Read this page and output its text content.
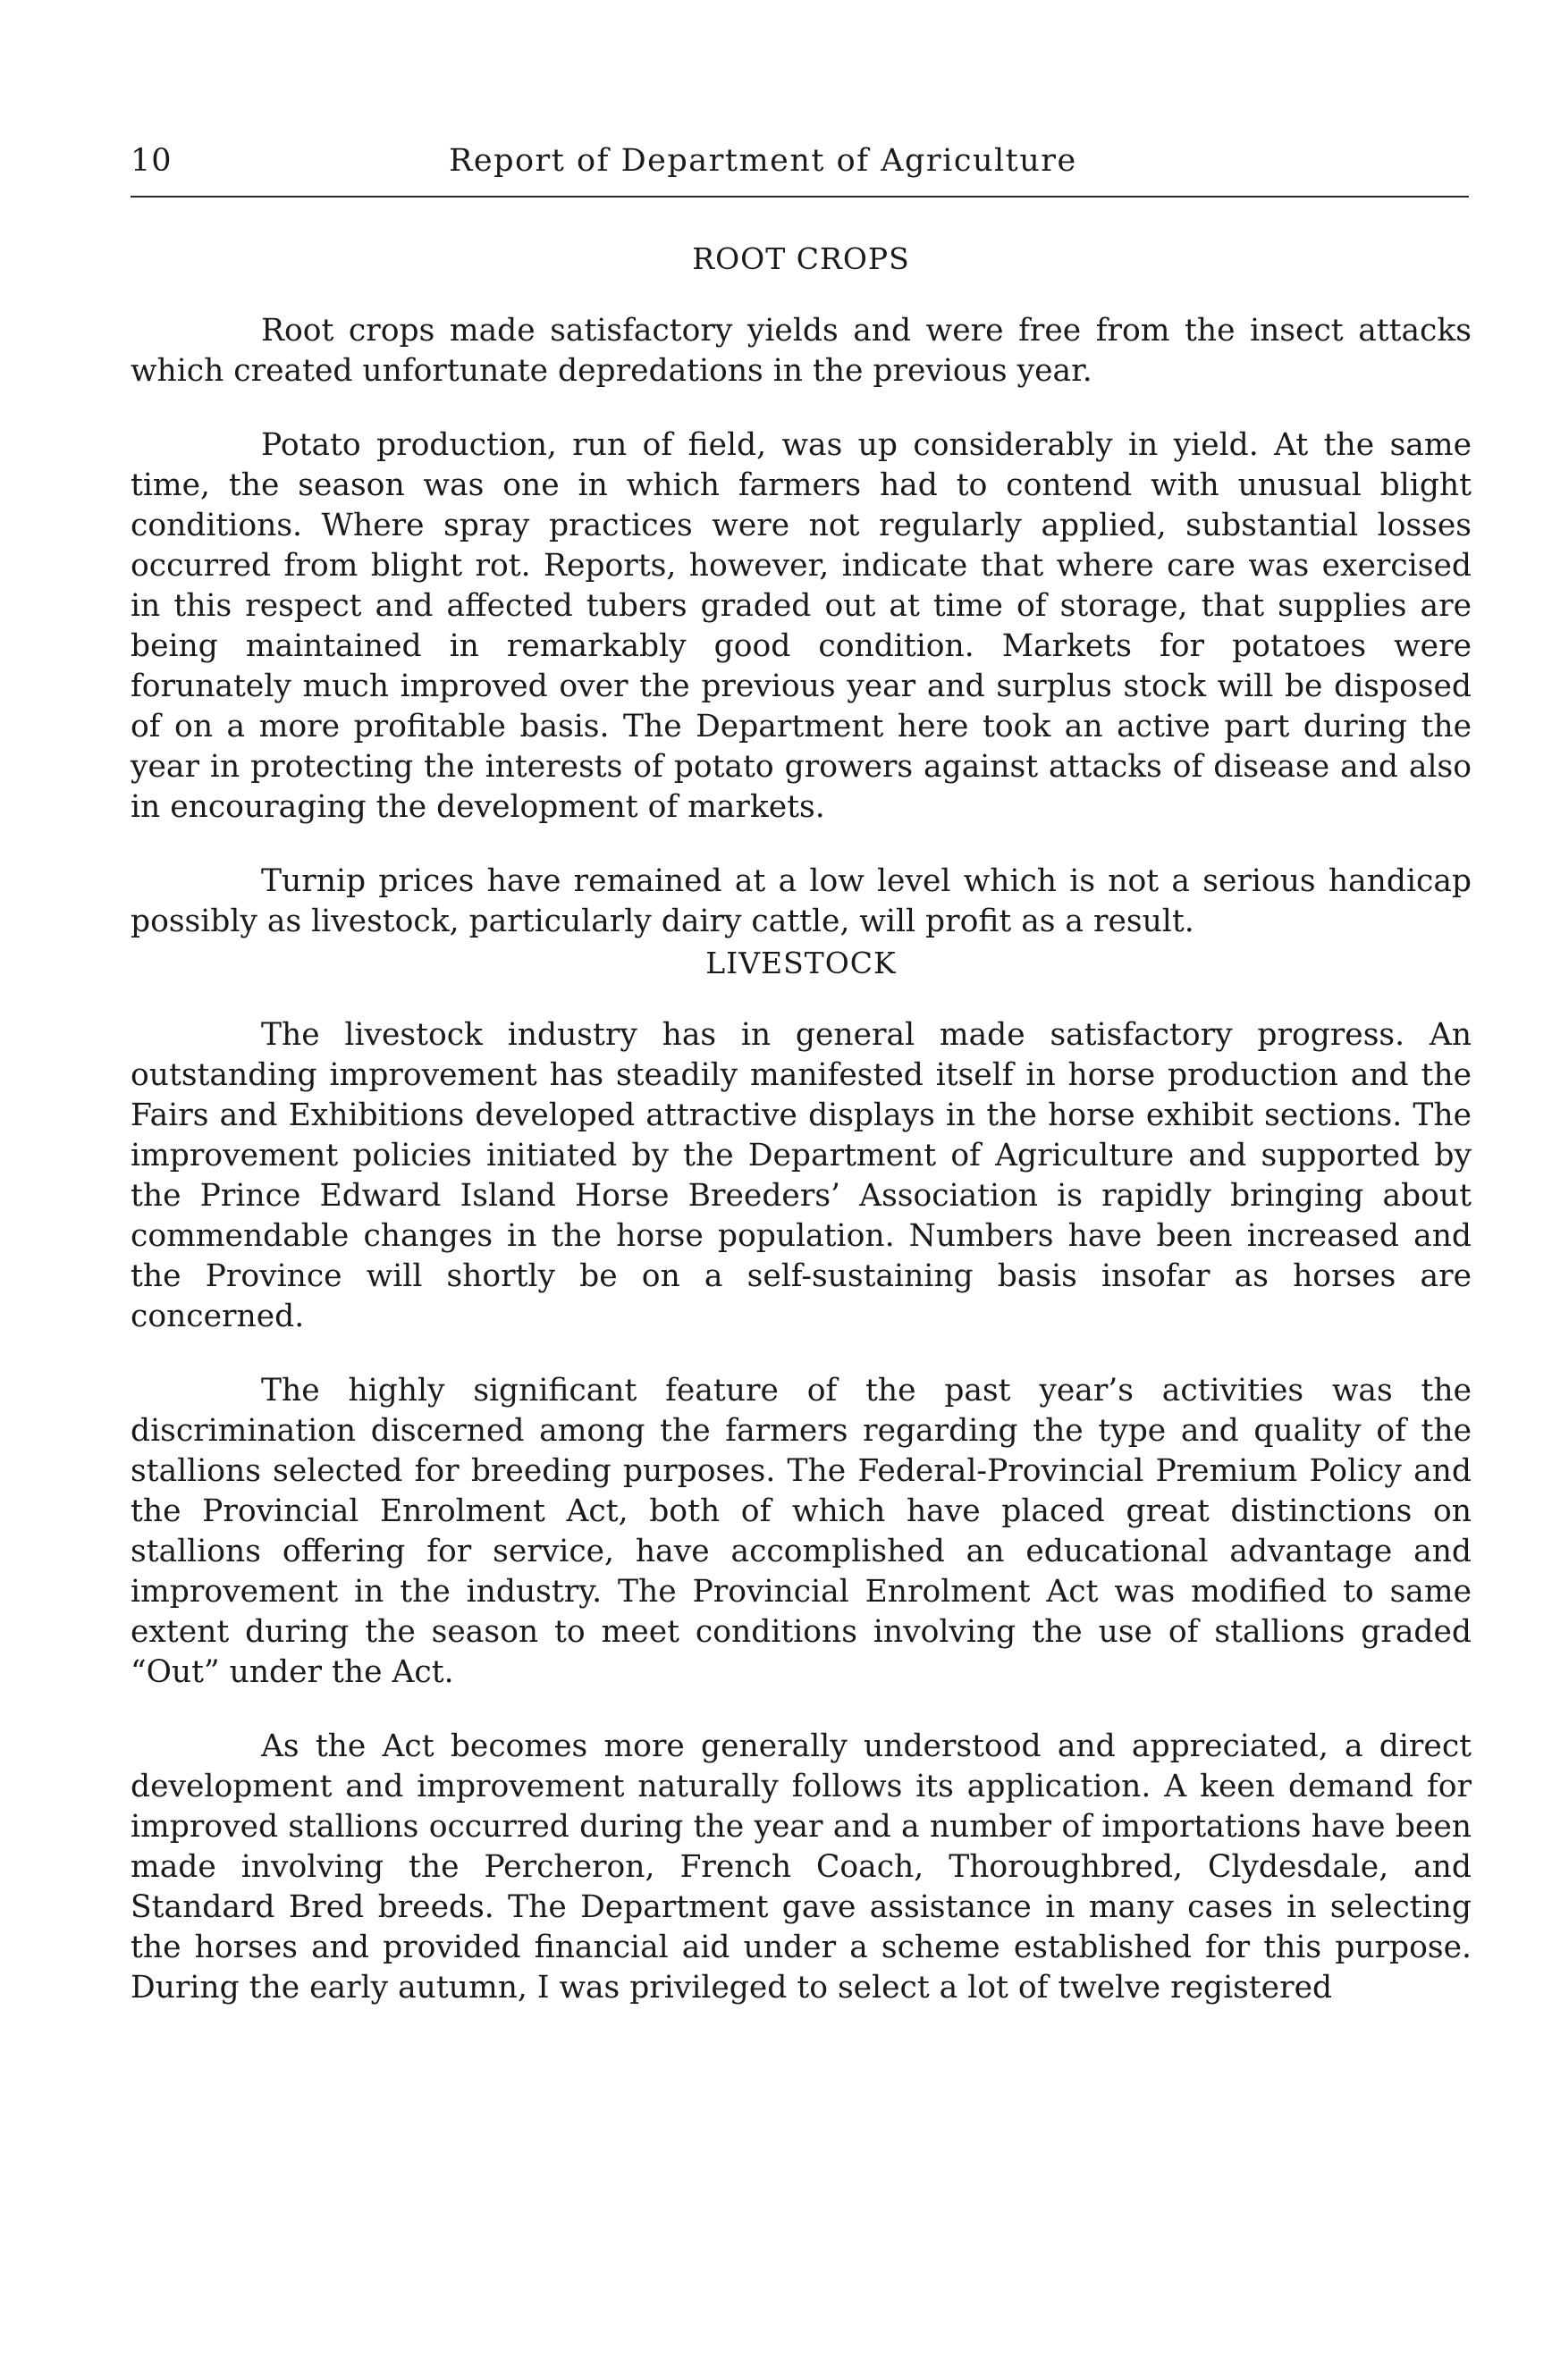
10	Report of Department of Agriculture
ROOT CROPS

Root crops made satisfactory yields and were free from the insect attacks which created unfortunate depredations in the previous year.

Potato production, run of field, was up considerably in yield. At the same time, the season was one in which farmers had to contend with unusual blight conditions. Where spray practices were not regularly applied, substantial losses occurred from blight rot. Reports, however, indicate that where care was exercised in this respect and affected tubers graded out at time of storage, that supplies are being maintained in remarkably good condition. Markets for potatoes were forunately much improved over the previous year and surplus stock will be disposed of on a more profitable basis. The Department here took an active part during the year in protecting the interests of potato growers against attacks of disease and also in encouraging the development of markets.

Turnip prices have remained at a low level which is not a serious handicap possibly as livestock, particularly dairy cattle, will profit as a result.

LIVESTOCK

The livestock industry has in general made satisfactory progress. An outstanding improvement has steadily manifested itself in horse production and the Fairs and Exhibitions developed attractive displays in the horse exhibit sections. The improvement policies initiated by the Department of Agriculture and supported by the Prince Edward Island Horse Breeders’ Association is rapidly bringing about commendable changes in the horse population. Numbers have been increased and the Province will shortly be on a self-sustaining basis insofar as horses are concerned.

The highly significant feature of the past year’s activities was the discrimination discerned among the farmers regarding the type and quality of the stallions selected for breeding purposes. The Federal-Provincial Premium Policy and the Provincial Enrolment Act, both of which have placed great distinctions on stallions offering for service, have accomplished an educational advantage and improvement in the industry. The Provincial Enrolment Act was modified to same extent during the season to meet conditions involving the use of stallions graded “Out” under the Act.

As the Act becomes more generally understood and appreciated, a direct development and improvement naturally follows its application. A keen demand for improved stallions occurred during the year and a number of importations have been made involving the Percheron, French Coach, Thoroughbred, Clydesdale, and Standard Bred breeds. The Department gave assistance in many cases in selecting the horses and provided financial aid under a scheme established for this purpose. During the early autumn, I was privileged to select a lot of twelve registered
